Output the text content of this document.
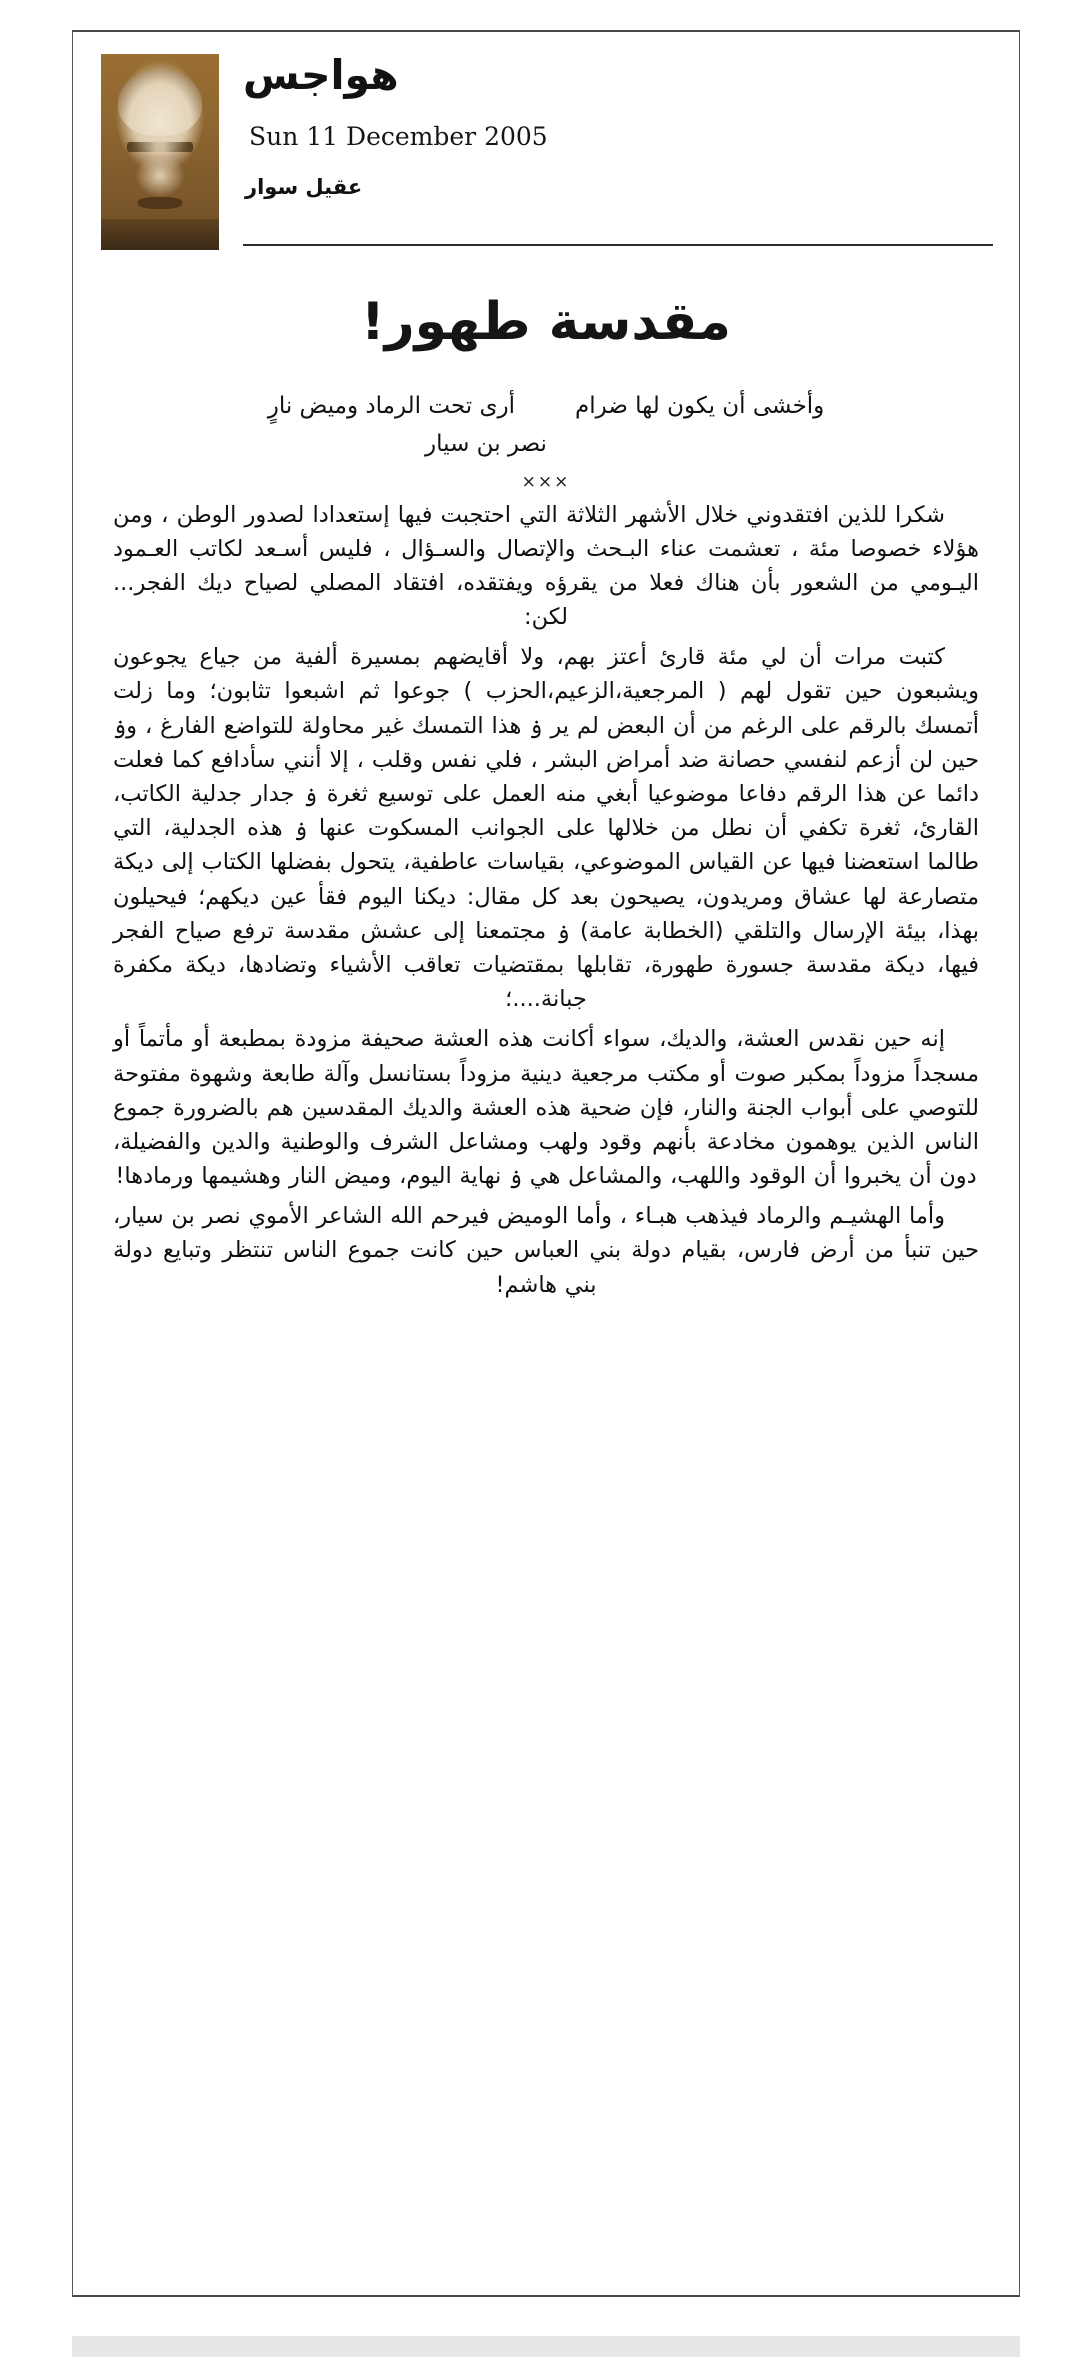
هواجس
Sun 11 December 2005
عقيل سوار
مقدسة طهور!
وأخشى أن يكون لها ضرام
أرى تحت الرماد وميض نارٍ
نصر بن سيار
×××

شكرا للذين افتقدوني خلال الأشهر الثلاثة التي احتجبت فيها إستعدادا لصدور الوطن ، ومن هؤلاء خصوصا مئة ، تعشمت عناء البـحث والإتصال والسـؤال ، فليس أسـعد لكاتب العـمود اليـومي من الشعور بأن هناك فعلا من يقرؤه ويفتقده، افتقاد المصلي لصياح ديك الفجر... لكن:

كتبت مرات أن لي مئة قارئ أعتز بهم، ولا أقايضهم بمسيرة ألفية من جياع يجوعون ويشبعون حين تقول لهم ( المرجعية،الزعيم،الحزب ) جوعوا ثم اشبعوا تثابون؛ وما زلت أتمسك بالرقم على الرغم من أن البعض لم ير ۏ هذا التمسك غير محاولة للتواضع الفارغ ، وۏ حين لن أزعم لنفسي حصانة ضد أمراض البشر ، فلي نفس وقلب ، إلا أنني سأدافع كما فعلت دائما عن هذا الرقم دفاعا موضوعيا أبغي منه العمل على توسيع ثغرة ۏ جدار جدلية الكاتب، القارئ، ثغرة تكفي أن نطل من خلالها على الجوانب المسكوت عنها ۏ هذه الجدلية، التي طالما استعضنا فيها عن القياس الموضوعي، بقياسات عاطفية، يتحول بفضلها الكتاب إلى ديكة متصارعة لها عشاق ومريدون، يصيحون بعد كل مقال: ديكنا اليوم فقأ عين ديكهم؛ فيحيلون بهذا، بيئة الإرسال والتلقي (الخطابة عامة) ۏ مجتمعنا إلى عشش مقدسة ترفع صياح الفجر فيها، ديكة مقدسة جسورة طهورة، تقابلها بمقتضيات تعاقب الأشياء وتضادها، ديكة مكفرة جبانة....؛

إنه حين نقدس العشة، والديك، سواء أكانت هذه العشة صحيفة مزودة بمطبعة أو مأتماً أو مسجداً مزوداً بمكبر صوت أو مكتب مرجعية دينية مزوداً بستانسل وآلة طابعة وشهوة مفتوحة للتوصي على أبواب الجنة والنار، فإن ضحية هذه العشة والديك المقدسين هم بالضرورة جموع الناس الذين يوهمون مخادعة بأنهم وقود ولهب ومشاعل الشرف والوطنية والدين والفضيلة، دون أن يخبروا أن الوقود واللهب، والمشاعل هي ۏ نهاية اليوم، وميض النار وهشيمها ورمادها!

وأما الهشيـم والرماد فيذهب هبـاء ، وأما الوميض فيرحم الله الشاعر الأموي نصر بن سيار، حين تنبأ من أرض فارس، بقيام دولة بني العباس حين كانت جموع الناس تنتظر وتبايع دولة بني هاشم!
